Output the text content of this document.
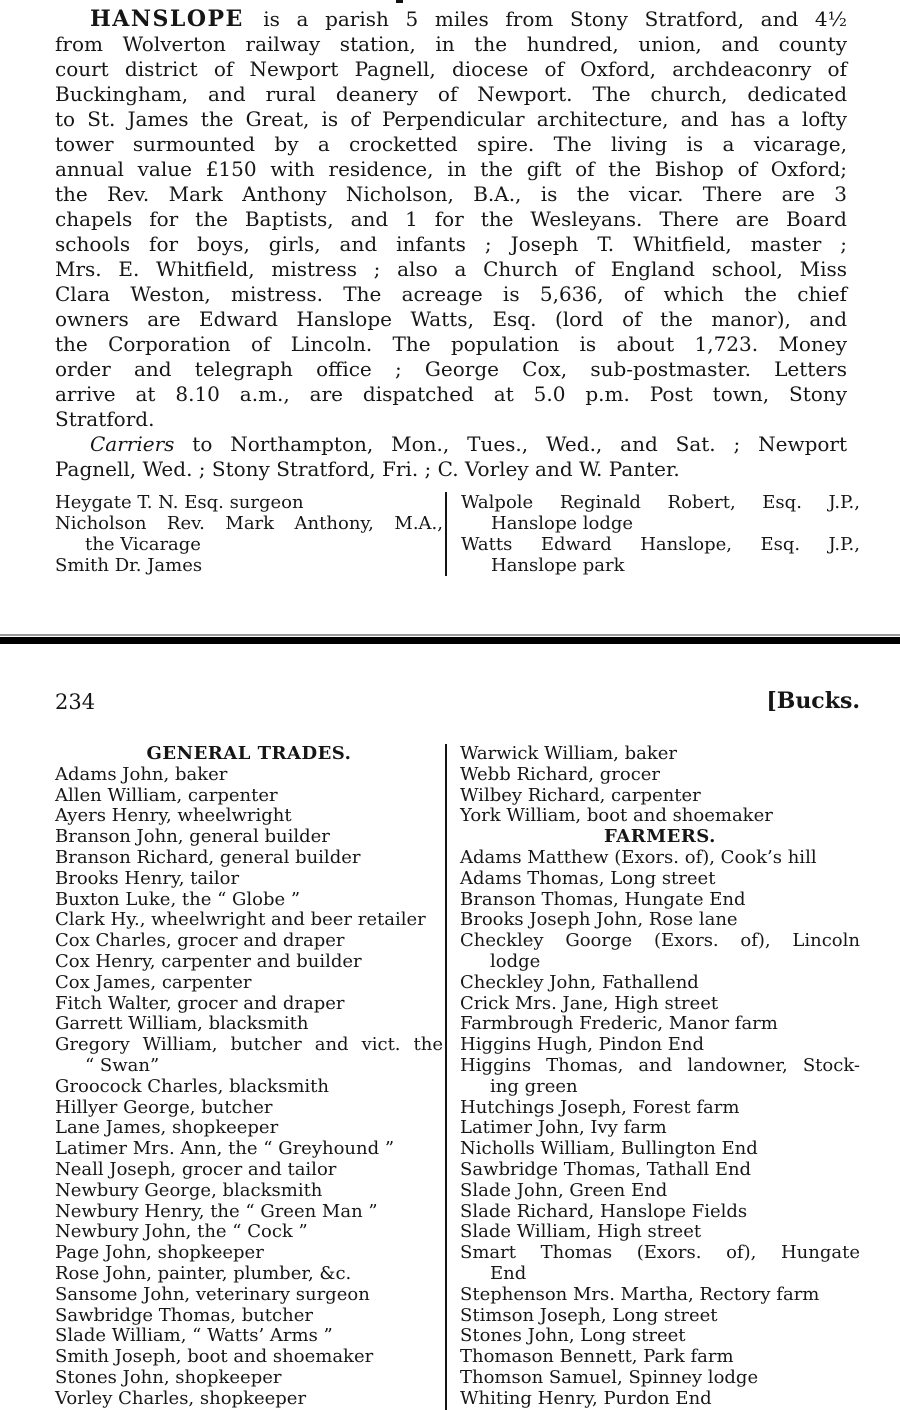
HANSLOPE is a parish 5 miles from Stony Stratford, and 4½
from Wolverton railway station, in the hundred, union, and county
court district of Newport Pagnell, diocese of Oxford, archdeaconry of
Buckingham, and rural deanery of Newport. The church, dedicated
to St. James the Great, is of Perpendicular architecture, and has a lofty
tower surmounted by a crocketted spire. The living is a vicarage,
annual value £150 with residence, in the gift of the Bishop of Oxford;
the Rev. Mark Anthony Nicholson, B.A., is the vicar. There are 3
chapels for the Baptists, and 1 for the Wesleyans. There are Board
schools for boys, girls, and infants ; Joseph T. Whitfield, master ;
Mrs. E. Whitfield, mistress ; also a Church of England school, Miss
Clara Weston, mistress. The acreage is 5,636, of which the chief
owners are Edward Hanslope Watts, Esq. (lord of the manor), and
the Corporation of Lincoln. The population is about 1,723. Money
order and telegraph office ; George Cox, sub-postmaster. Letters
arrive at 8.10 a.m., are dispatched at 5.0 p.m. Post town, Stony
Stratford.
Carriers to Northampton, Mon., Tues., Wed., and Sat. ; Newport
Pagnell, Wed. ; Stony Stratford, Fri. ; C. Vorley and W. Panter.
Heygate T. N. Esq. surgeon
Nicholson Rev. Mark Anthony, M.A.,
the Vicarage
Smith Dr. James
Walpole Reginald Robert, Esq. J.P.,
Hanslope lodge
Watts Edward Hanslope, Esq. J.P.,
Hanslope park
234	[Bucks.
GENERAL TRADES.
Adams John, baker
Allen William, carpenter
Ayers Henry, wheelwright
Branson John, general builder
Branson Richard, general builder
Brooks Henry, tailor
Buxton Luke, the “ Globe ”
Clark Hy., wheelwright and beer retailer
Cox Charles, grocer and draper
Cox Henry, carpenter and builder
Cox James, carpenter
Fitch Walter, grocer and draper
Garrett William, blacksmith
Gregory William, butcher and vict. the
“ Swan”
Groocock Charles, blacksmith
Hillyer George, butcher
Lane James, shopkeeper
Latimer Mrs. Ann, the “ Greyhound ”
Neall Joseph, grocer and tailor
Newbury George, blacksmith
Newbury Henry, the “ Green Man ”
Newbury John, the “ Cock ”
Page John, shopkeeper
Rose John, painter, plumber, &c.
Sansome John, veterinary surgeon
Sawbridge Thomas, butcher
Slade William, “ Watts’ Arms ”
Smith Joseph, boot and shoemaker
Stones John, shopkeeper
Vorley Charles, shopkeeper
Warwick William, baker
Webb Richard, grocer
Wilbey Richard, carpenter
York William, boot and shoemaker
FARMERS.
Adams Matthew (Exors. of), Cook’s hill
Adams Thomas, Long street
Branson Thomas, Hungate End
Brooks Joseph John, Rose lane
Checkley Goorge (Exors. of), Lincoln
lodge
Checkley John, Fathallend
Crick Mrs. Jane, High street
Farmbrough Frederic, Manor farm
Higgins Hugh, Pindon End
Higgins Thomas, and landowner, Stock-
ing green
Hutchings Joseph, Forest farm
Latimer John, Ivy farm
Nicholls William, Bullington End
Sawbridge Thomas, Tathall End
Slade John, Green End
Slade Richard, Hanslope Fields
Slade William, High street
Smart Thomas (Exors. of), Hungate
End
Stephenson Mrs. Martha, Rectory farm
Stimson Joseph, Long street
Stones John, Long street
Thomason Bennett, Park farm
Thomson Samuel, Spinney lodge
Whiting Henry, Purdon End
